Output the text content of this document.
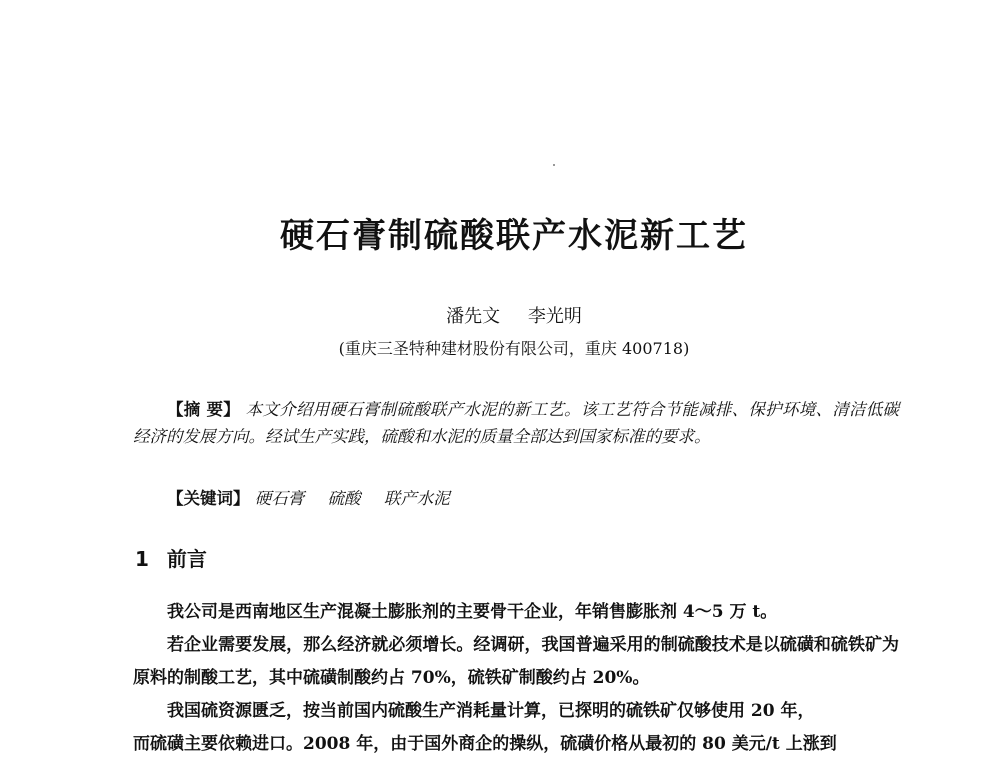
硬石膏制硫酸联产水泥新工艺
潘先文 李光明
(重庆三圣特种建材股份有限公司，重庆 400718)
【摘 要】 本文介绍用硬石膏制硫酸联产水泥的新工艺。该工艺符合节能减排、保护环境、清洁低碳经济的发展方向。经试生产实践，硫酸和水泥的质量全部达到国家标准的要求。
【关键词】 硬石膏 硫酸 联产水泥
1 前言

我公司是西南地区生产混凝土膨胀剂的主要骨干企业，年销售膨胀剂 4～5 万 t。

若企业需要发展，那么经济就必须增长。经调研，我国普遍采用的制硫酸技术是以硫磺和硫铁矿为原料的制酸工艺，其中硫磺制酸约占 70%，硫铁矿制酸约占 20%。

我国硫资源匮乏，按当前国内硫酸生产消耗量计算，已探明的硫铁矿仅够使用 20 年，

而硫磺主要依赖进口。2008 年，由于国外商企的操纵，硫磺价格从最初的 80 美元/t 上涨到
